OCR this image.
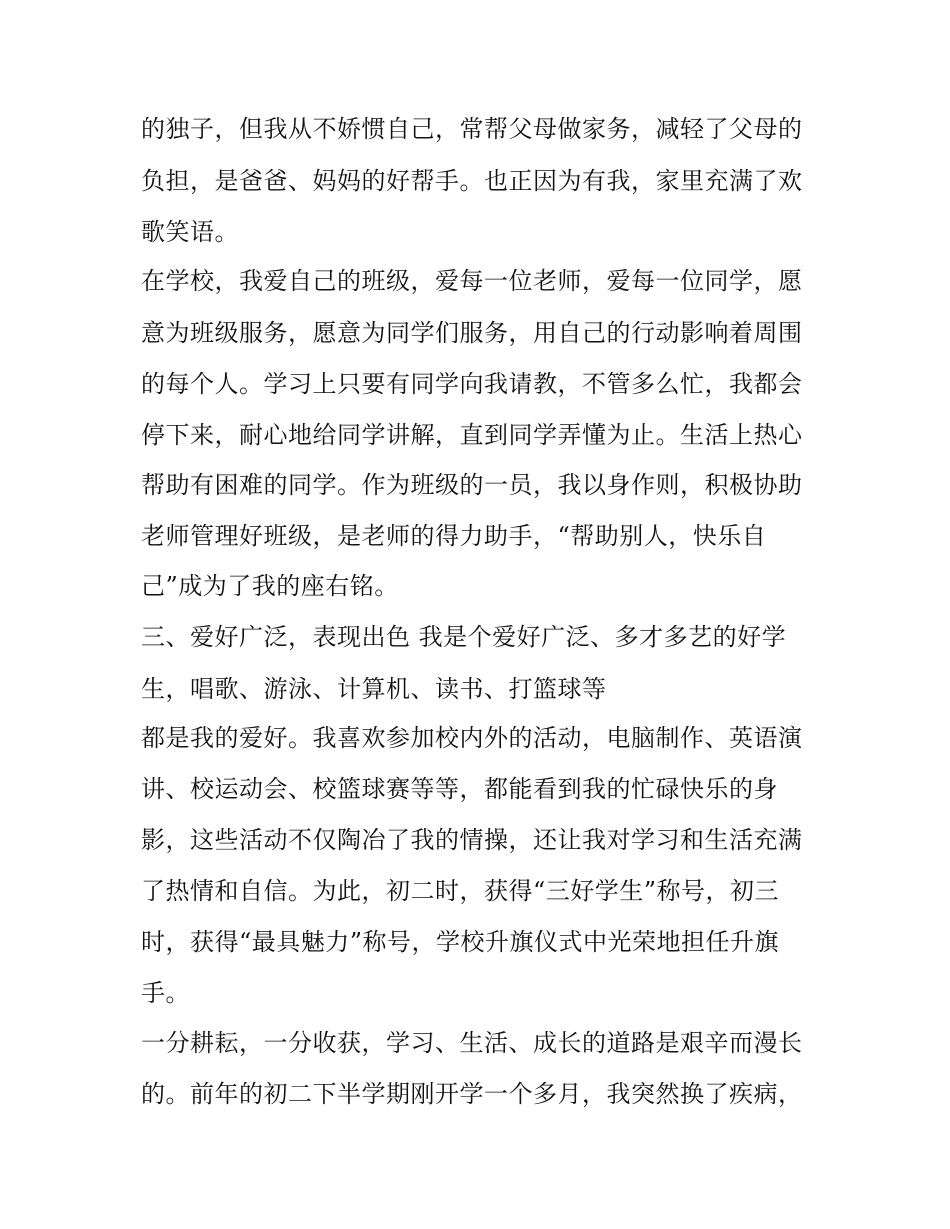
的独子，但我从不娇惯自己，常帮父母做家务，减轻了父母的

负担，是爸爸、妈妈的好帮手。也正因为有我，家里充满了欢

歌笑语。

在学校，我爱自己的班级，爱每一位老师，爱每一位同学，愿

意为班级服务，愿意为同学们服务，用自己的行动影响着周围

的每个人。学习上只要有同学向我请教，不管多么忙，我都会

停下来，耐心地给同学讲解，直到同学弄懂为止。生活上热心

帮助有困难的同学。作为班级的一员，我以身作则，积极协助

老师管理好班级，是老师的得力助手，“帮助别人，快乐自

己”成为了我的座右铭。

三、爱好广泛，表现出色 我是个爱好广泛、多才多艺的好学

生，唱歌、游泳、计算机、读书、打篮球等

都是我的爱好。我喜欢参加校内外的活动，电脑制作、英语演

讲、校运动会、校篮球赛等等，都能看到我的忙碌快乐的身

影，这些活动不仅陶冶了我的情操，还让我对学习和生活充满

了热情和自信。为此，初二时，获得“三好学生”称号，初三

时，获得“最具魅力”称号，学校升旗仪式中光荣地担任升旗

手。

一分耕耘，一分收获，学习、生活、成长的道路是艰辛而漫长

的。前年的初二下半学期刚开学一个多月，我突然换了疾病，
